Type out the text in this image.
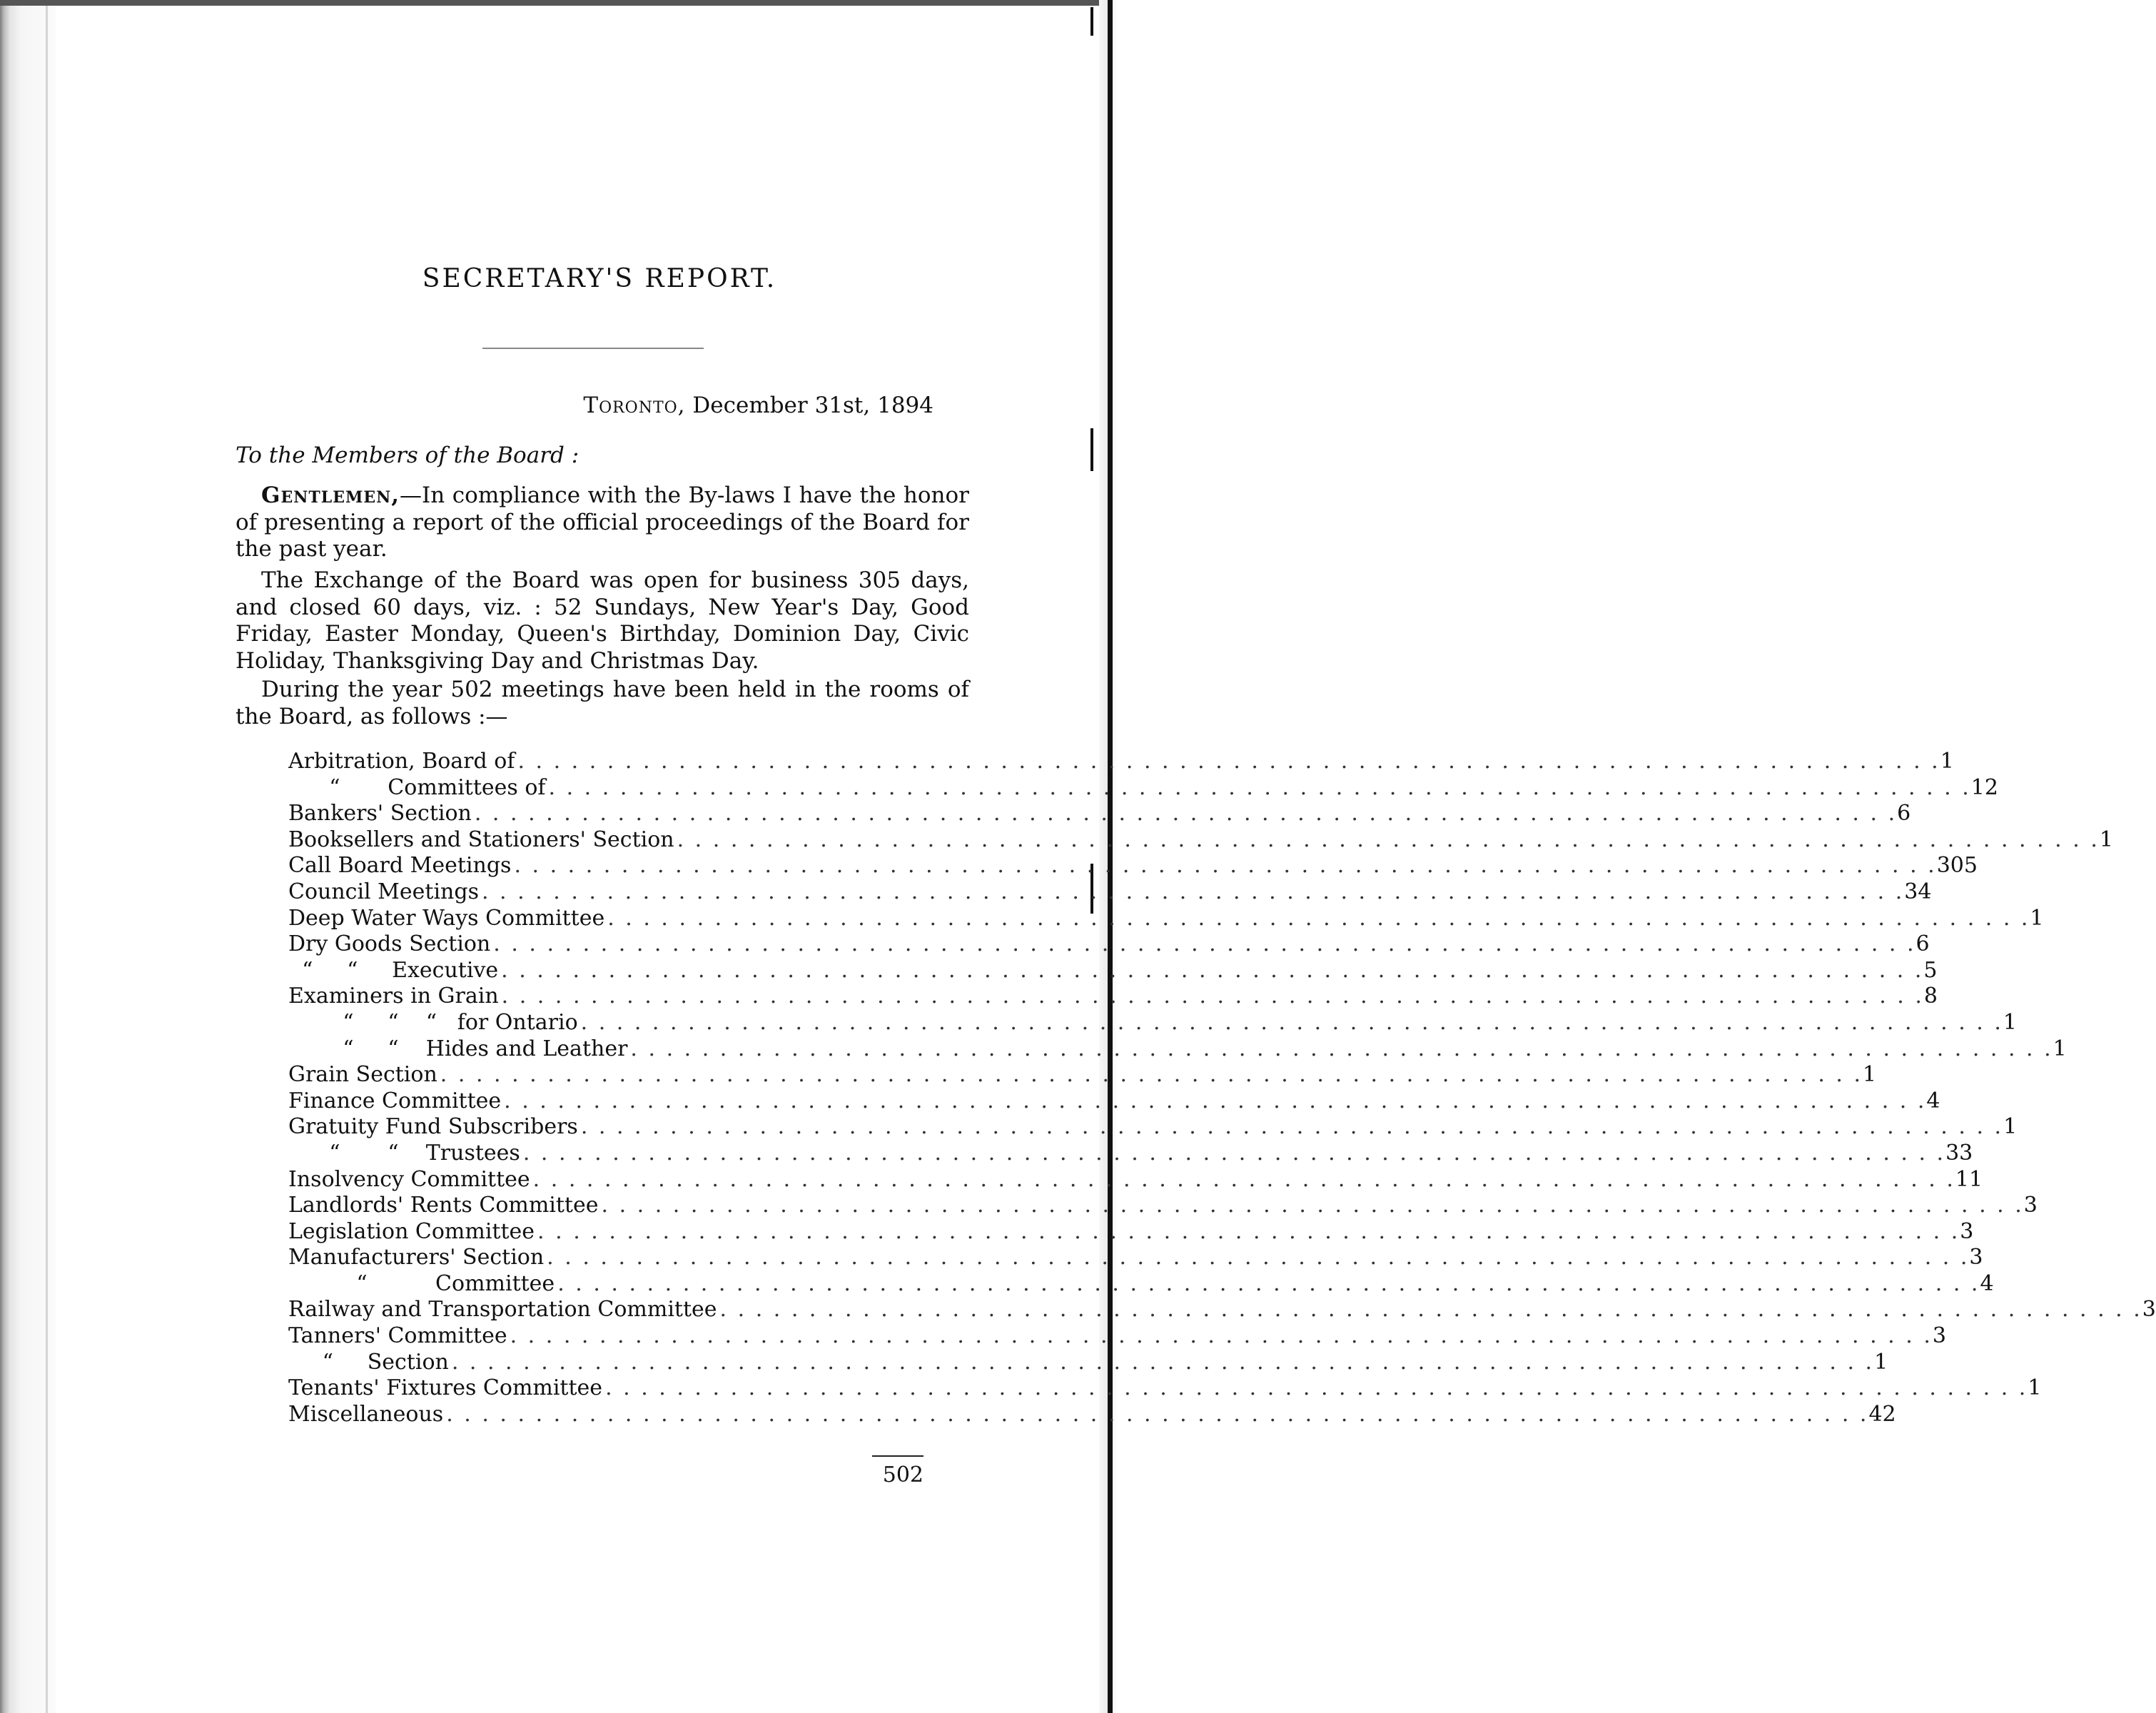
SECRETARY'S REPORT.
Toronto, December 31st, 1894
To the Members of the Board :

Gentlemen,—In compliance with the By-laws I have the honor of presenting a report of the official proceedings of the Board for the past year.

The Exchange of the Board was open for business 305 days, and closed 60 days, viz. : 52 Sundays, New Year's Day, Good Friday, Easter Monday, Queen's Birthday, Dominion Day, Civic Holiday, Thanksgiving Day and Christmas Day.

During the year 502 meetings have been held in the rooms of the Board, as follows :—

Arbitration, Board of . . . . . . . . . . . . . . . . . . . . . . . . . . . . . . . . . . . . . . . . . . . . . . . . . . . . . . . . . . . . . . . . . . . . . . . . . . . . . . . . 1
“       Committees of . . . . . . . . . . . . . . . . . . . . . . . . . . . . . . . . . . . . . . . . . . . . . . . . . . . . . . . . . . . . . . . . . . . . . . . . . . . . . . . . 12
Bankers' Section . . . . . . . . . . . . . . . . . . . . . . . . . . . . . . . . . . . . . . . . . . . . . . . . . . . . . . . . . . . . . . . . . . . . . . . . . . . . . . . . 6
Booksellers and Stationers' Section . . . . . . . . . . . . . . . . . . . . . . . . . . . . . . . . . . . . . . . . . . . . . . . . . . . . . . . . . . . . . . . . . . . . . . . . . . . . . . . . 1
Call Board Meetings . . . . . . . . . . . . . . . . . . . . . . . . . . . . . . . . . . . . . . . . . . . . . . . . . . . . . . . . . . . . . . . . . . . . . . . . . . . . . . . . 305
Council Meetings . . . . . . . . . . . . . . . . . . . . . . . . . . . . . . . . . . . . . . . . . . . . . . . . . . . . . . . . . . . . . . . . . . . . . . . . . . . . . . . . 34
Deep Water Ways Committee . . . . . . . . . . . . . . . . . . . . . . . . . . . . . . . . . . . . . . . . . . . . . . . . . . . . . . . . . . . . . . . . . . . . . . . . . . . . . . . . 1
Dry Goods Section . . . . . . . . . . . . . . . . . . . . . . . . . . . . . . . . . . . . . . . . . . . . . . . . . . . . . . . . . . . . . . . . . . . . . . . . . . . . . . . . 6
“     “     Executive . . . . . . . . . . . . . . . . . . . . . . . . . . . . . . . . . . . . . . . . . . . . . . . . . . . . . . . . . . . . . . . . . . . . . . . . . . . . . . . . 5
Examiners in Grain . . . . . . . . . . . . . . . . . . . . . . . . . . . . . . . . . . . . . . . . . . . . . . . . . . . . . . . . . . . . . . . . . . . . . . . . . . . . . . . . 8
“     “    “   for Ontario . . . . . . . . . . . . . . . . . . . . . . . . . . . . . . . . . . . . . . . . . . . . . . . . . . . . . . . . . . . . . . . . . . . . . . . . . . . . . . . . 1
“     “    Hides and Leather . . . . . . . . . . . . . . . . . . . . . . . . . . . . . . . . . . . . . . . . . . . . . . . . . . . . . . . . . . . . . . . . . . . . . . . . . . . . . . . . 1
Grain Section . . . . . . . . . . . . . . . . . . . . . . . . . . . . . . . . . . . . . . . . . . . . . . . . . . . . . . . . . . . . . . . . . . . . . . . . . . . . . . . . 1
Finance Committee . . . . . . . . . . . . . . . . . . . . . . . . . . . . . . . . . . . . . . . . . . . . . . . . . . . . . . . . . . . . . . . . . . . . . . . . . . . . . . . . 4
Gratuity Fund Subscribers . . . . . . . . . . . . . . . . . . . . . . . . . . . . . . . . . . . . . . . . . . . . . . . . . . . . . . . . . . . . . . . . . . . . . . . . . . . . . . . . 1
“       “    Trustees . . . . . . . . . . . . . . . . . . . . . . . . . . . . . . . . . . . . . . . . . . . . . . . . . . . . . . . . . . . . . . . . . . . . . . . . . . . . . . . . 33
Insolvency Committee . . . . . . . . . . . . . . . . . . . . . . . . . . . . . . . . . . . . . . . . . . . . . . . . . . . . . . . . . . . . . . . . . . . . . . . . . . . . . . . . 11
Landlords' Rents Committee . . . . . . . . . . . . . . . . . . . . . . . . . . . . . . . . . . . . . . . . . . . . . . . . . . . . . . . . . . . . . . . . . . . . . . . . . . . . . . . . 3
Legislation Committee . . . . . . . . . . . . . . . . . . . . . . . . . . . . . . . . . . . . . . . . . . . . . . . . . . . . . . . . . . . . . . . . . . . . . . . . . . . . . . . . 3
Manufacturers' Section . . . . . . . . . . . . . . . . . . . . . . . . . . . . . . . . . . . . . . . . . . . . . . . . . . . . . . . . . . . . . . . . . . . . . . . . . . . . . . . . 3
“          Committee . . . . . . . . . . . . . . . . . . . . . . . . . . . . . . . . . . . . . . . . . . . . . . . . . . . . . . . . . . . . . . . . . . . . . . . . . . . . . . . . 4
Railway and Transportation Committee . . . . . . . . . . . . . . . . . . . . . . . . . . . . . . . . . . . . . . . . . . . . . . . . . . . . . . . . . . . . . . . . . . . . . . . . . . . . . . . . 3
Tanners' Committee . . . . . . . . . . . . . . . . . . . . . . . . . . . . . . . . . . . . . . . . . . . . . . . . . . . . . . . . . . . . . . . . . . . . . . . . . . . . . . . . 3
“     Section . . . . . . . . . . . . . . . . . . . . . . . . . . . . . . . . . . . . . . . . . . . . . . . . . . . . . . . . . . . . . . . . . . . . . . . . . . . . . . . . 1
Tenants' Fixtures Committee . . . . . . . . . . . . . . . . . . . . . . . . . . . . . . . . . . . . . . . . . . . . . . . . . . . . . . . . . . . . . . . . . . . . . . . . . . . . . . . . 1
Miscellaneous . . . . . . . . . . . . . . . . . . . . . . . . . . . . . . . . . . . . . . . . . . . . . . . . . . . . . . . . . . . . . . . . . . . . . . . . . . . . . . . . 42
502
